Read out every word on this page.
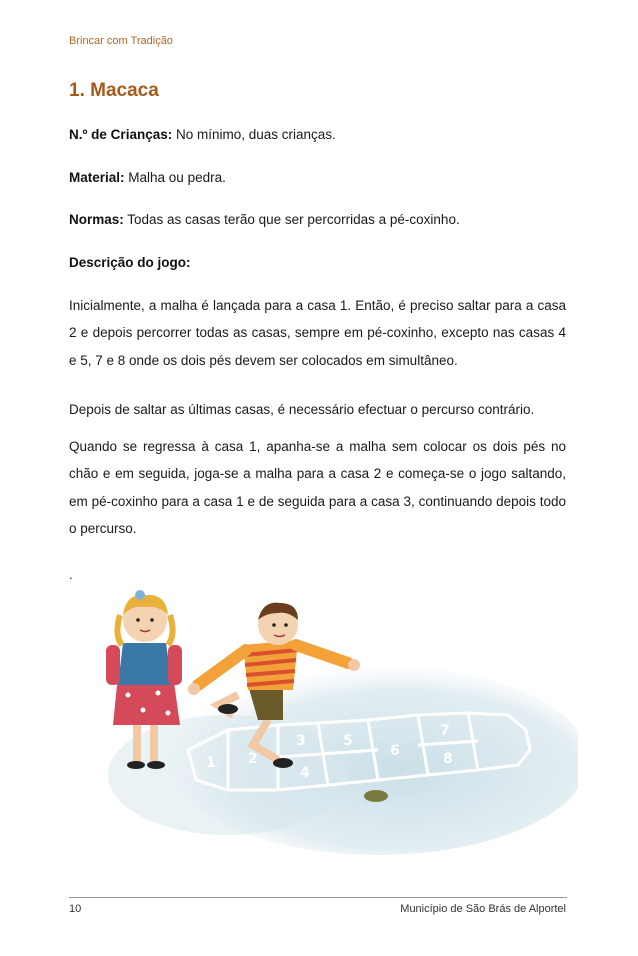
Brincar com Tradição
1. Macaca
N.º de Crianças: No mínimo, duas crianças.
Material: Malha ou pedra.
Normas: Todas as casas terão que ser percorridas a pé-coxinho.
Descrição do jogo:

Inicialmente, a malha é lançada para a casa 1. Então, é preciso saltar para a casa 2 e depois percorrer todas as casas, sempre em pé-coxinho, excepto nas casas 4 e 5, 7 e 8 onde os dois pés devem ser colocados em simultâneo.

Depois de saltar as últimas casas, é necessário efectuar o percurso contrário.

Quando se regressa à casa 1, apanha-se a malha sem colocar os dois pés no chão e em seguida, joga-se a malha para a casa 2 e começa-se o jogo saltando, em pé-coxinho para a casa 1 e de seguida para a casa 3, continuando depois todo o percurso.

.
1 2
3
4
5
6
7
8
10	Município de São Brás de Alportel
